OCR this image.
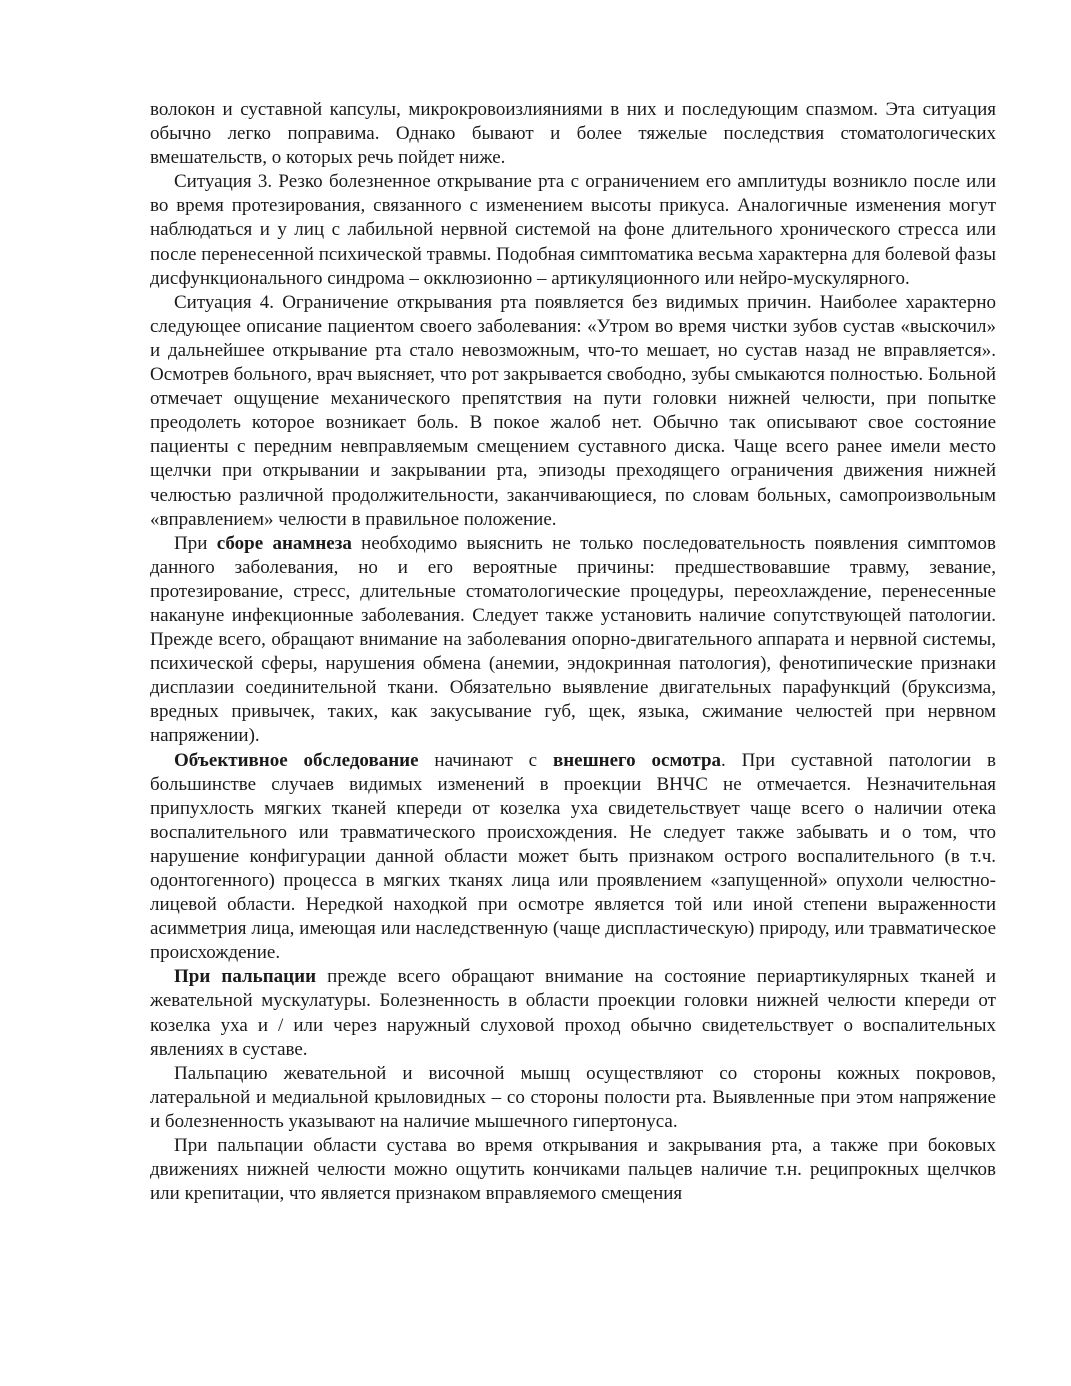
волокон и суставной капсулы, микрокровоизлияниями в них и последующим спазмом. Эта ситуация обычно легко поправима. Однако бывают и более тяжелые последствия стоматологических вмешательств, о которых речь пойдет ниже.

Ситуация 3. Резко болезненное открывание рта с ограничением его амплитуды возникло после или во время протезирования, связанного с изменением высоты прикуса. Аналогичные изменения могут наблюдаться и у лиц с лабильной нервной системой на фоне длительного хронического стресса или после перенесенной психической травмы. Подобная симптоматика весьма характерна для болевой фазы дисфункционального синдрома – окклюзионно – артикуляционного или нейро-мускулярного.

Ситуация 4. Ограничение открывания рта появляется без видимых причин. Наиболее характерно следующее описание пациентом своего заболевания: «Утром во время чистки зубов сустав «выскочил» и дальнейшее открывание рта стало невозможным, что-то мешает, но сустав назад не вправляется». Осмотрев больного, врач выясняет, что рот закрывается свободно, зубы смыкаются полностью. Больной отмечает ощущение механического препятствия на пути головки нижней челюсти, при попытке преодолеть которое возникает боль. В покое жалоб нет. Обычно так описывают свое состояние пациенты с передним невправляемым смещением суставного диска. Чаще всего ранее имели место щелчки при открывании и закрывании рта, эпизоды преходящего ограничения движения нижней челюстью различной продолжительности, заканчивающиеся, по словам больных, самопроизвольным «вправлением» челюсти в правильное положение.

При сборе анамнеза необходимо выяснить не только последовательность появления симптомов данного заболевания, но и его вероятные причины: предшествовавшие травму, зевание, протезирование, стресс, длительные стоматологические процедуры, переохлаждение, перенесенные накануне инфекционные заболевания. Следует также установить наличие сопутствующей патологии. Прежде всего, обращают внимание на заболевания опорно-двигательного аппарата и нервной системы, психической сферы, нарушения обмена (анемии, эндокринная патология), фенотипические признаки дисплазии соединительной ткани. Обязательно выявление двигательных парафункций (бруксизма, вредных привычек, таких, как закусывание губ, щек, языка, сжимание челюстей при нервном напряжении).

Объективное обследование начинают с внешнего осмотра. При суставной патологии в большинстве случаев видимых изменений в проекции ВНЧС не отмечается. Незначительная припухлость мягких тканей кпереди от козелка уха свидетельствует чаще всего о наличии отека воспалительного или травматического происхождения. Не следует также забывать и о том, что нарушение конфигурации данной области может быть признаком острого воспалительного (в т.ч. одонтогенного) процесса в мягких тканях лица или проявлением «запущенной» опухоли челюстно-лицевой области. Нередкой находкой при осмотре является той или иной степени выраженности асимметрия лица, имеющая или наследственную (чаще диспластическую) природу, или травматическое происхождение.

При пальпации прежде всего обращают внимание на состояние периартикулярных тканей и жевательной мускулатуры. Болезненность в области проекции головки нижней челюсти кпереди от козелка уха и / или через наружный слуховой проход обычно свидетельствует о воспалительных явлениях в суставе.

Пальпацию жевательной и височной мышц осуществляют со стороны кожных покровов, латеральной и медиальной крыловидных – со стороны полости рта. Выявленные при этом напряжение и болезненность указывают на наличие мышечного гипертонуса.

При пальпации области сустава во время открывания и закрывания рта, а также при боковых движениях нижней челюсти можно ощутить кончиками пальцев наличие т.н. реципрокных щелчков или крепитации, что является признаком вправляемого смещения
